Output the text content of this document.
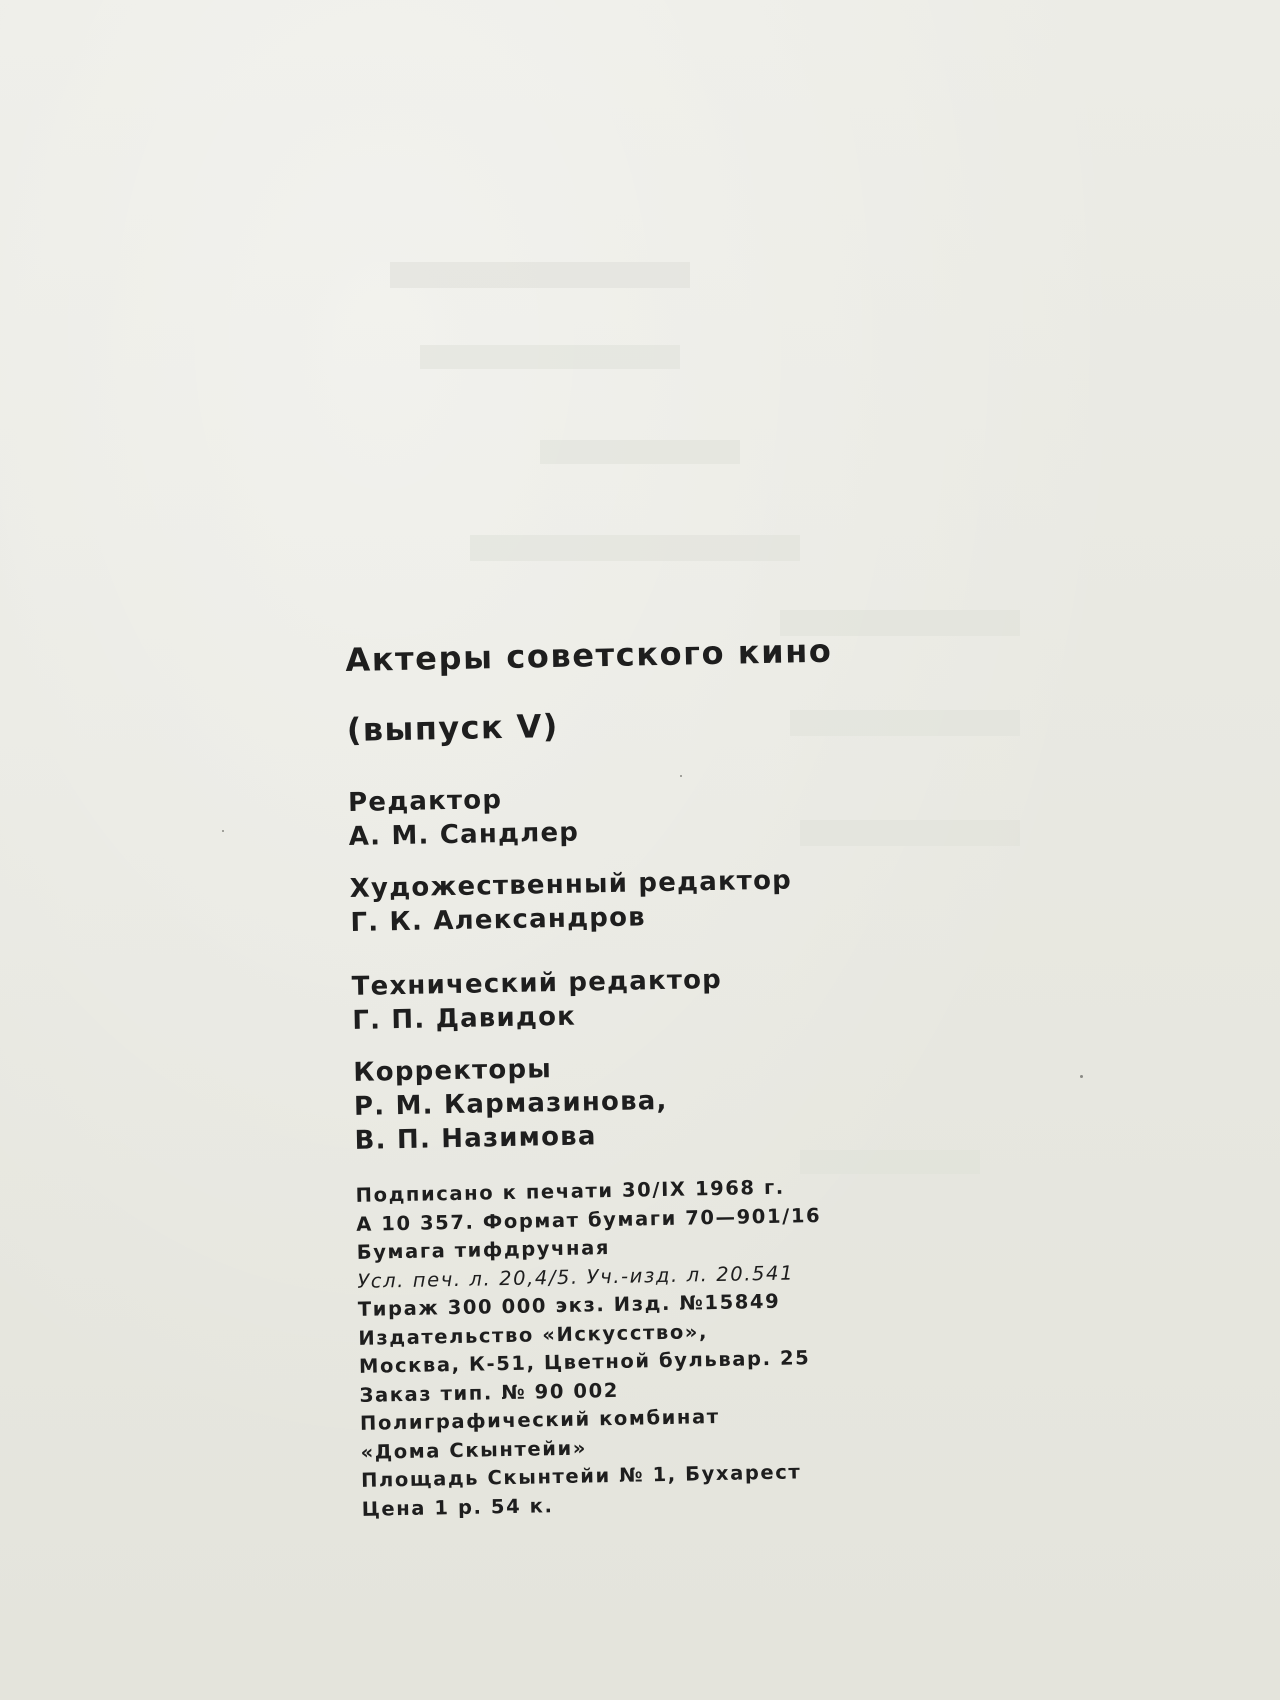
Актеры советского кино
(выпуск V)
Редактор
А. М. Сандлер
Художественный редактор
Г. К. Александров
Технический редактор
Г. П. Давидок
Корректоры
Р. М. Кармазинова,
В. П. Назимова
Подписано к печати 30/IX 1968 г.
А 10 357. Формат бумаги 70—901/16
Бумага тифдручная
Усл. печ. л. 20,4/5. Уч.-изд. л. 20.541
Тираж 300 000 экз. Изд. №15849
Издательство «Искусство»,
Москва, К-51, Цветной бульвар. 25
Заказ тип. № 90 002
Полиграфический комбинат
«Дома Скынтейи»
Площадь Скынтейи № 1, Бухарест
Цена 1 р. 54 к.
